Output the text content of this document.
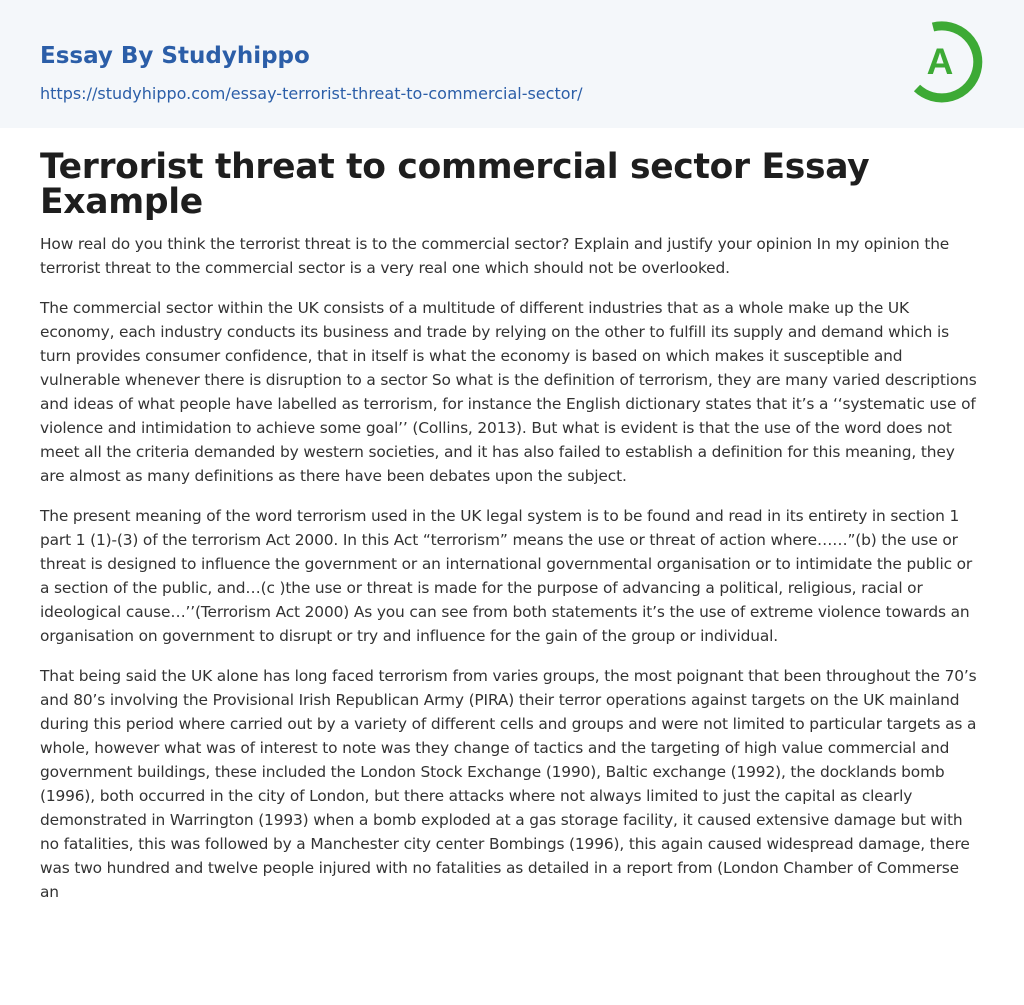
Essay By Studyhippo
https://studyhippo.com/essay-terrorist-threat-to-commercial-sector/
A
Terrorist threat to commercial sector Essay Example

How real do you think the terrorist threat is to the commercial sector? Explain and justify your opinion In my opinion the terrorist threat to the commercial sector is a very real one which should not be overlooked.

The commercial sector within the UK consists of a multitude of different industries that as a whole make up the UK economy, each industry conducts its business and trade by relying on the other to fulfill its supply and demand which is turn provides consumer confidence, that in itself is what the economy is based on which makes it susceptible and vulnerable whenever there is disruption to a sector So what is the definition of terrorism, they are many varied descriptions and ideas of what people have labelled as terrorism, for instance the English dictionary states that it’s a ‘‘systematic use of violence and intimidation to achieve some goal’’ (Collins, 2013). But what is evident is that the use of the word does not meet all the criteria demanded by western societies, and it has also failed to establish a definition for this meaning, they are almost as many definitions as there have been debates upon the subject.

The present meaning of the word terrorism used in the UK legal system is to be found and read in its entirety in section 1 part 1 (1)-(3) of the terrorism Act 2000. In this Act “terrorism” means the use or threat of action where……”(b) the use or threat is designed to influence the government or an international governmental organisation or to intimidate the public or a section of the public, and…(c )the use or threat is made for the purpose of advancing a political, religious, racial or ideological cause…’’(Terrorism Act 2000) As you can see from both statements it’s the use of extreme violence towards an organisation on government to disrupt or try and influence for the gain of the group or individual.

That being said the UK alone has long faced terrorism from varies groups, the most poignant that been throughout the 70’s and 80’s involving the Provisional Irish Republican Army (PIRA) their terror operations against targets on the UK mainland during this period where carried out by a variety of different cells and groups and were not limited to particular targets as a whole, however what was of interest to note was they change of tactics and the targeting of high value commercial and government buildings, these included the London Stock Exchange (1990), Baltic exchange (1992), the docklands bomb (1996), both occurred in the city of London, but there attacks where not always limited to just the capital as clearly demonstrated in Warrington (1993) when a bomb exploded at a gas storage facility, it caused extensive damage but with no fatalities, this was followed by a Manchester city center Bombings (1996), this again caused widespread damage, there was two hundred and twelve people injured with no fatalities as detailed in a report from (London Chamber of Commerse an
